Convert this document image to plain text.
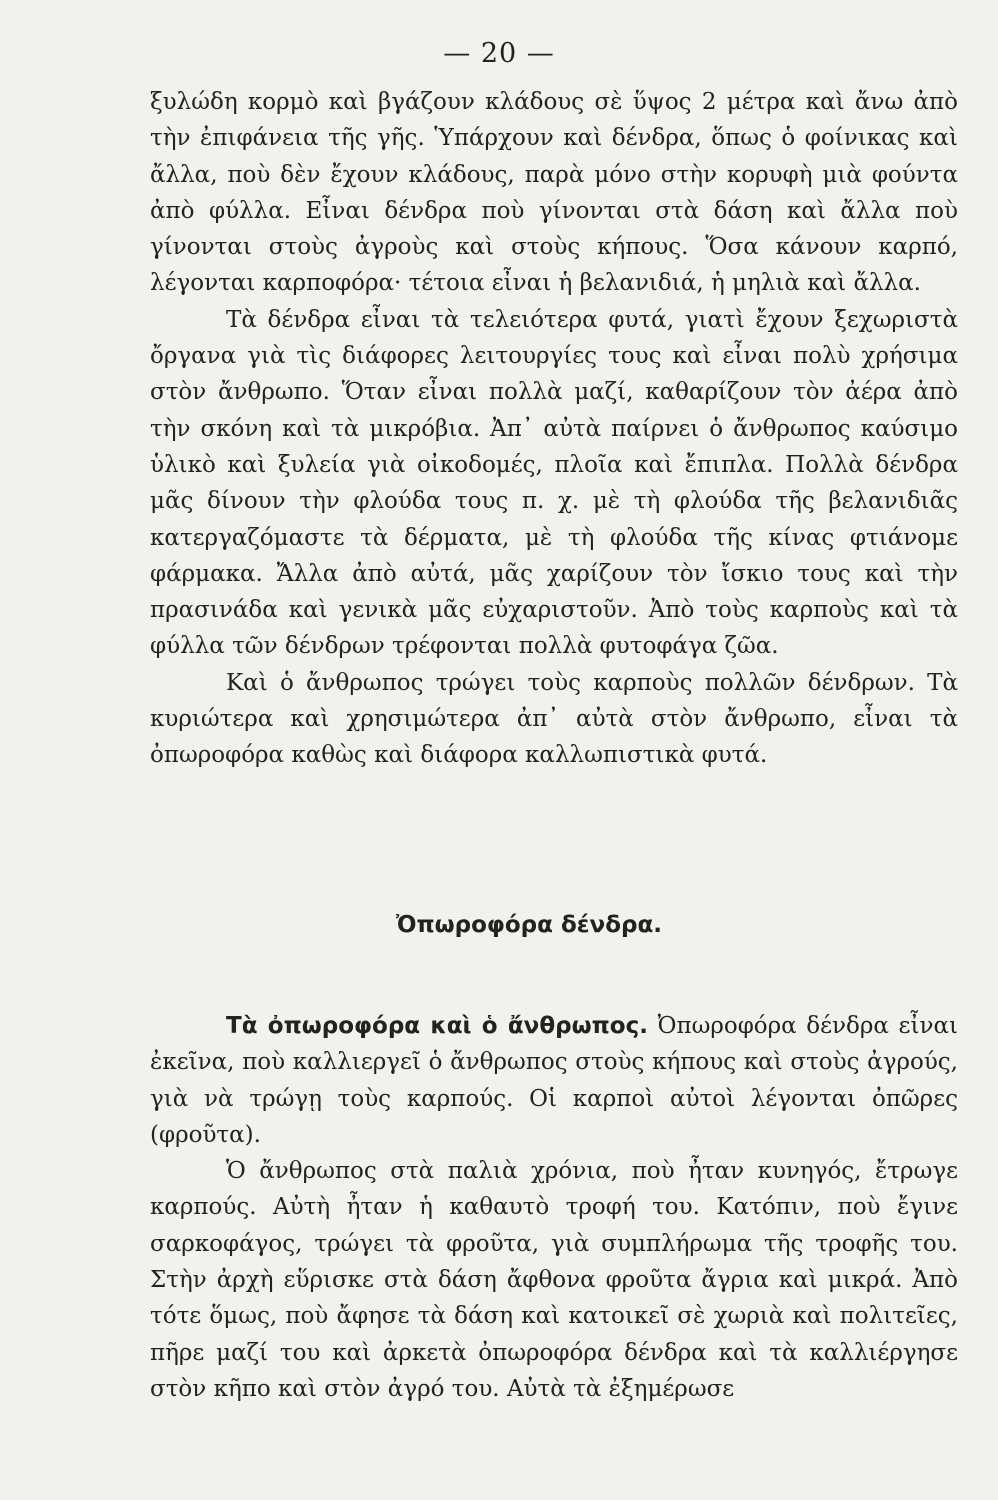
— 20 —

ξυλώδη κορμὸ καὶ βγάζουν κλάδους σὲ ὕψος 2 μέτρα καὶ ἄνω ἀπὸ τὴν ἐπιφάνεια τῆς γῆς. Ὑπάρχουν καὶ δένδρα, ὅπως ὁ φοίνικας καὶ ἄλλα, ποὺ δὲν ἔχουν κλάδους, παρὰ μόνο στὴν κορυφὴ μιὰ φούντα ἀπὸ φύλλα. Εἶναι δένδρα ποὺ γίνονται στὰ δάση καὶ ἄλλα ποὺ γίνονται στοὺς ἀγροὺς καὶ στοὺς κήπους. Ὅσα κάνουν καρπό, λέγονται καρποφόρα· τέτοια εἶναι ἡ βελανιδιά, ἡ μηλιὰ καὶ ἄλλα.

Τὰ δένδρα εἶναι τὰ τελειότερα φυτά, γιατὶ ἔχουν ξεχωριστὰ ὄργανα γιὰ τὶς διάφορες λειτουργίες τους καὶ εἶναι πολὺ χρήσιμα στὸν ἄνθρωπο. Ὅταν εἶναι πολλὰ μαζί, καθαρίζουν τὸν ἀέρα ἀπὸ τὴν σκόνη καὶ τὰ μικρόβια. Ἀπ᾿ αὐτὰ παίρνει ὁ ἄνθρωπος καύσιμο ὑλικὸ καὶ ξυλεία γιὰ οἰκοδομές, πλοῖα καὶ ἔπιπλα. Πολλὰ δένδρα μᾶς δίνουν τὴν φλούδα τους π. χ. μὲ τὴ φλούδα τῆς βελανιδιᾶς κατεργαζόμαστε τὰ δέρματα, μὲ τὴ φλούδα τῆς κίνας φτιάνομε φάρμακα. Ἄλλα ἀπὸ αὐτά, μᾶς χαρίζουν τὸν ἴσκιο τους καὶ τὴν πρασινάδα καὶ γενικὰ μᾶς εὐχαριστοῦν. Ἀπὸ τοὺς καρποὺς καὶ τὰ φύλλα τῶν δένδρων τρέφονται πολλὰ φυτοφάγα ζῶα.

Καὶ ὁ ἄνθρωπος τρώγει τοὺς καρποὺς πολλῶν δένδρων. Τὰ κυριώτερα καὶ χρησιμώτερα ἀπ᾿ αὐτὰ στὸν ἄνθρωπο, εἶναι τὰ ὀπωροφόρα καθὼς καὶ διάφορα καλλωπιστικὰ φυτά.

Ὀπωροφόρα δένδρα.

Τὰ ὀπωροφόρα καὶ ὁ ἄνθρωπος. Ὀπωροφόρα δένδρα εἶναι ἐκεῖνα, ποὺ καλλιεργεῖ ὁ ἄνθρωπος στοὺς κήπους καὶ στοὺς ἀγρούς, γιὰ νὰ τρώγῃ τοὺς καρπούς. Οἱ καρποὶ αὐτοὶ λέγονται ὀπῶρες (φροῦτα).

Ὁ ἄνθρωπος στὰ παλιὰ χρόνια, ποὺ ἦταν κυνηγός, ἔτρωγε καρπούς. Αὐτὴ ἦταν ἡ καθαυτὸ τροφή του. Κατόπιν, ποὺ ἔγινε σαρκοφάγος, τρώγει τὰ φροῦτα, γιὰ συμπλήρωμα τῆς τροφῆς του. Στὴν ἀρχὴ εὕρισκε στὰ δάση ἄφθονα φροῦτα ἄγρια καὶ μικρά. Ἀπὸ τότε ὅμως, ποὺ ἄφησε τὰ δάση καὶ κατοικεῖ σὲ χωριὰ καὶ πολιτεῖες, πῆρε μαζί του καὶ ἀρκετὰ ὀπωροφόρα δένδρα καὶ τὰ καλλιέργησε στὸν κῆπο καὶ στὸν ἀγρό του. Αὐτὰ τὰ ἐξημέρωσε
